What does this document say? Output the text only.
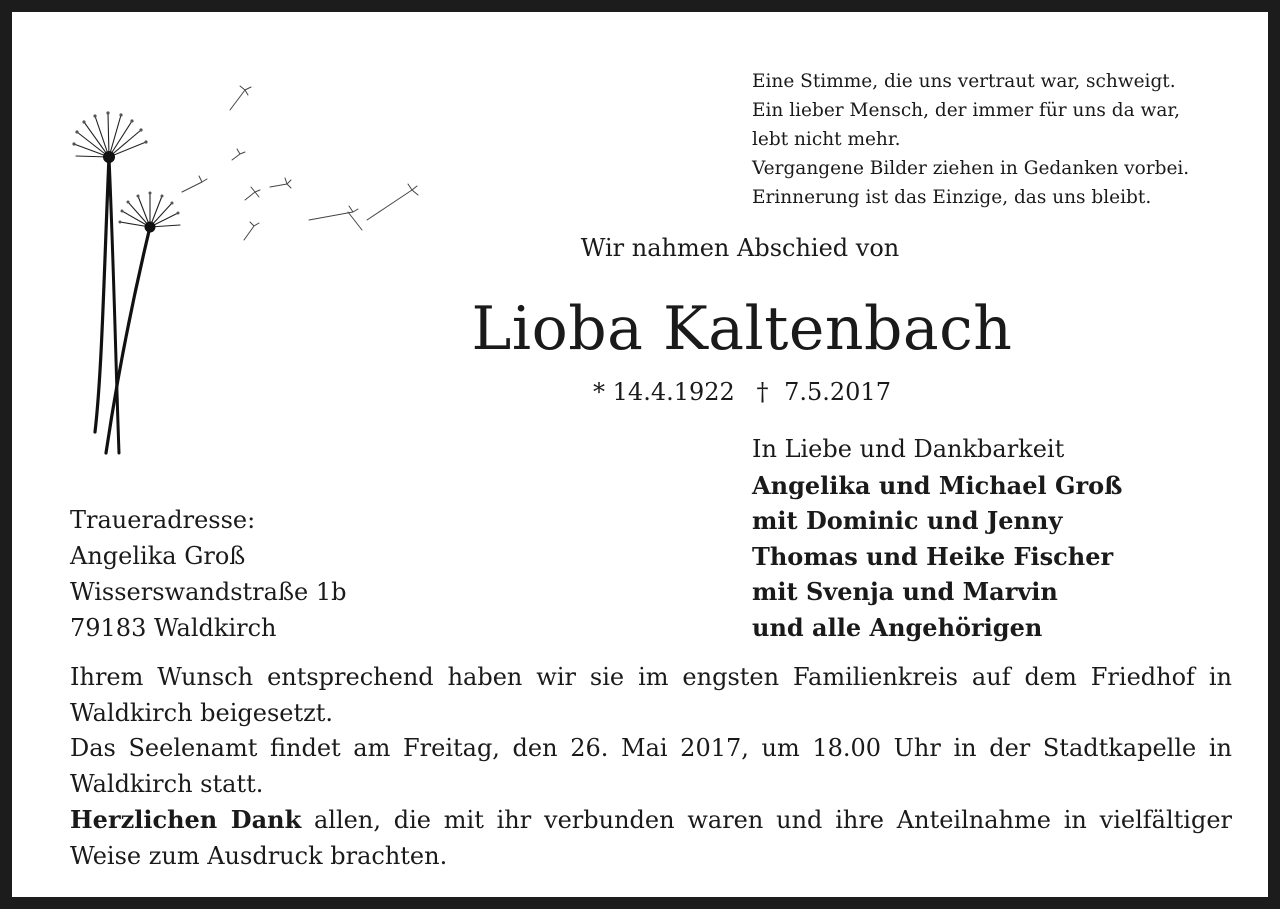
Eine Stimme, die uns vertraut war, schweigt.
Ein lieber Mensch, der immer für uns da war,
lebt nicht mehr.
Vergangene Bilder ziehen in Gedanken vorbei.
Erinnerung ist das Einzige, das uns bleibt.
Wir nahmen Abschied von
Lioba Kaltenbach
* 14.4.1922 † 7.5.2017
In Liebe und Dankbarkeit
Angelika und Michael Groß
mit Dominic und Jenny
Thomas und Heike Fischer
mit Svenja und Marvin
und alle Angehörigen
Traueradresse:
Angelika Groß
Wisserswandstraße 1b
79183 Waldkirch
Ihrem Wunsch entsprechend haben wir sie im engsten Familienkreis auf dem Friedhof in Waldkirch beigesetzt.
Das Seelenamt findet am Freitag, den 26. Mai 2017, um 18.00 Uhr in der Stadtkapelle in Waldkirch statt.
Herzlichen Dank allen, die mit ihr verbunden waren und ihre Anteilnahme in vielfältiger Weise zum Ausdruck brachten.
